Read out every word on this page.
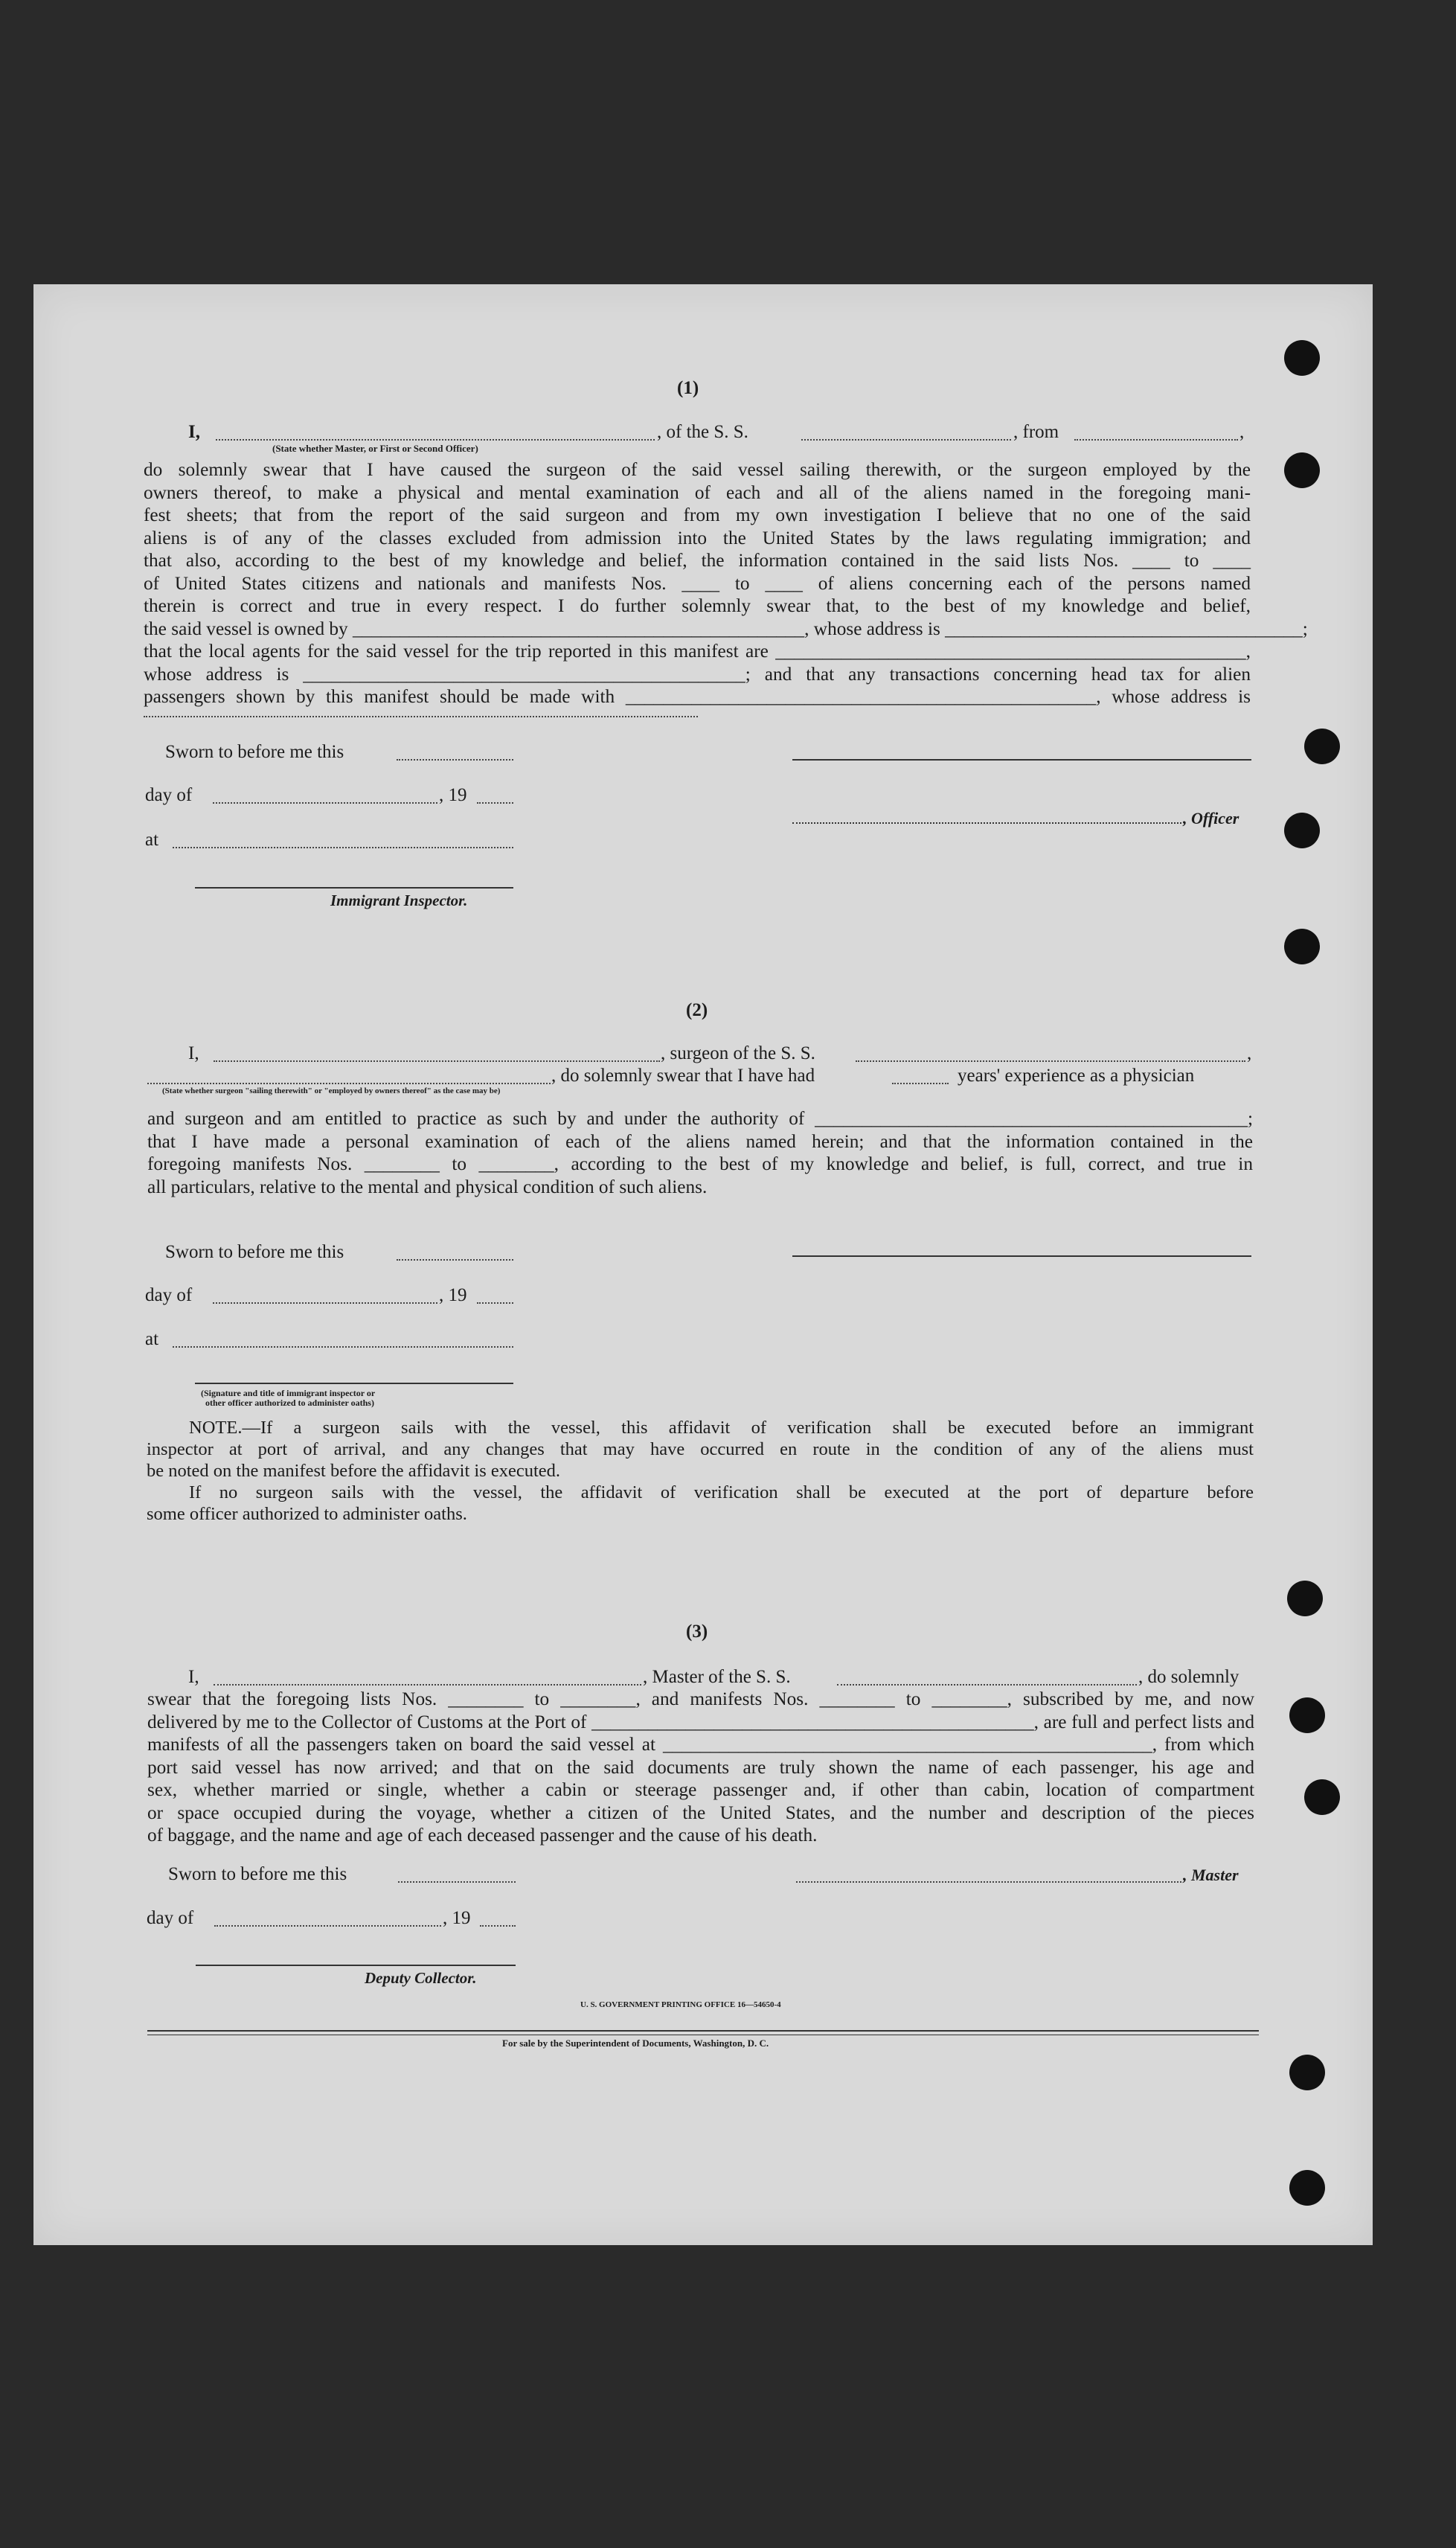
(1)
I,	, of the S. S.	, from	,
(State whether Master, or First or Second Officer)
do solemnly swear that I have caused the surgeon of the said vessel sailing therewith, or the surgeon employed by the
owners thereof, to make a physical and mental examination of each and all of the aliens named in the foregoing mani-
fest sheets; that from the report of the said surgeon and from my own investigation I believe that no one of the said
aliens is of any of the classes excluded from admission into the United States by the laws regulating immigration; and
that also, according to the best of my knowledge and belief, the information contained in the said lists Nos. ____ to ____
of United States citizens and nationals and manifests Nos. ____ to ____ of aliens concerning each of the persons named
therein is correct and true in every respect. I do further solemnly swear that, to the best of my knowledge and belief,
the said vessel is owned by ________________________________________________, whose address is ______________________________________;
that the local agents for the said vessel for the trip reported in this manifest are __________________________________________________,
whose address is _______________________________________________; and that any transactions concerning head tax for alien
passengers shown by this manifest should be made with __________________________________________________, whose address is
Sworn to before me this
day of	, 19
, Officer
at
Immigrant Inspector.
(2)
I,	, surgeon of the S. S.	,
, do solemnly swear that I have had	years' experience as a physician
(State whether surgeon "sailing therewith" or "employed by owners thereof" as the case may be)
and surgeon and am entitled to practice as such by and under the authority of ______________________________________________;
that I have made a personal examination of each of the aliens named herein; and that the information contained in the
foregoing manifests Nos. ________ to ________, according to the best of my knowledge and belief, is full, correct, and true in
all particulars, relative to the mental and physical condition of such aliens.
Sworn to before me this
day of	, 19
at
(Signature and title of immigrant inspector or
other officer authorized to administer oaths)
NOTE.—If a surgeon sails with the vessel, this affidavit of verification shall be executed before an immigrant
inspector at port of arrival, and any changes that may have occurred en route in the condition of any of the aliens must
be noted on the manifest before the affidavit is executed.
If no surgeon sails with the vessel, the affidavit of verification shall be executed at the port of departure before
some officer authorized to administer oaths.
(3)
I,	, Master of the S. S.	, do solemnly
swear that the foregoing lists Nos. ________ to ________, and manifests Nos. ________ to ________, subscribed by me, and now
delivered by me to the Collector of Customs at the Port of _______________________________________________, are full and perfect lists and
manifests of all the passengers taken on board the said vessel at ____________________________________________________, from which
port said vessel has now arrived; and that on the said documents are truly shown the name of each passenger, his age and
sex, whether married or single, whether a cabin or steerage passenger and, if other than cabin, location of compartment
or space occupied during the voyage, whether a citizen of the United States, and the number and description of the pieces
of baggage, and the name and age of each deceased passenger and the cause of his death.
Sworn to before me this	, Master
day of	, 19
Deputy Collector.
U. S. GOVERNMENT PRINTING OFFICE 16—54650-4
For sale by the Superintendent of Documents, Washington, D. C.
